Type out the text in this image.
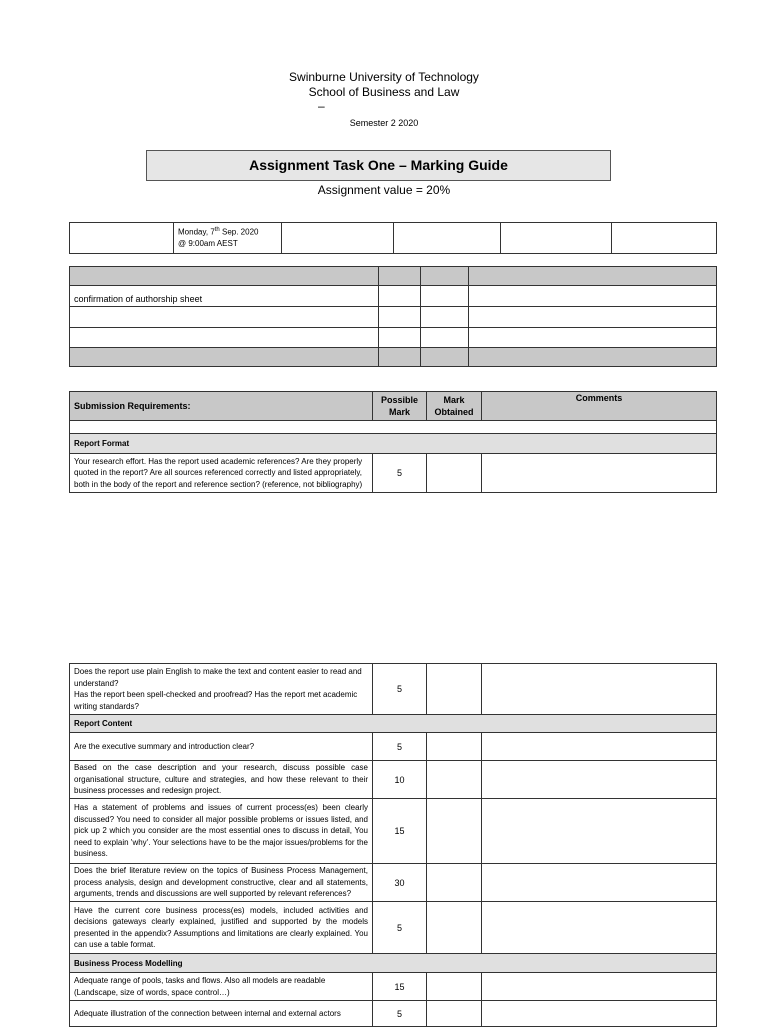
Swinburne University of Technology
School of Business and Law
–
Semester 2 2020
Assignment Task One – Marking Guide
Assignment value = 20%

Monday, 7th Sep. 2020
@ 9:00am AEST

confirmation of authorship sheet			

Submission Requirements:	Possible Mark	Mark Obtained	Comments

Report Format			
Your research effort. Has the report used academic references? Are they properly quoted in the report? Are all sources referenced correctly and listed appropriately, both in the body of the report and reference section? (reference, not bibliography)	5		
Does the report use plain English to make the text and content easier to read and understand?
Has the report been spell-checked and proofread? Has the report met academic writing standards?	5		
Report Content			
Are the executive summary and introduction clear?	5		
Based on the case description and your research, discuss possible case organisational structure, culture and strategies, and how these relevant to their business processes and redesign project.	10		
Has a statement of problems and issues of current process(es) been clearly discussed? You need to consider all major possible problems or issues listed, and pick up 2 which you consider are the most essential ones to discuss in detail, You need to explain 'why'. Your selections have to be the major issues/problems for the business.	15		
Does the brief literature review on the topics of Business Process Management, process analysis, design and development constructive, clear and all statements, arguments, trends and discussions are well supported by relevant references?	30		
Have the current core business process(es) models, included activities and decisions gateways clearly explained, justified and supported by the models presented in the appendix? Assumptions and limitations are clearly explained. You can use a table format.	5		
Business Process Modelling			

Adequate range of pools, tasks and flows. Also all models are readable
(Landscape, size of words, space control…)	15		
Adequate illustration of the connection between internal and external actors	5		
